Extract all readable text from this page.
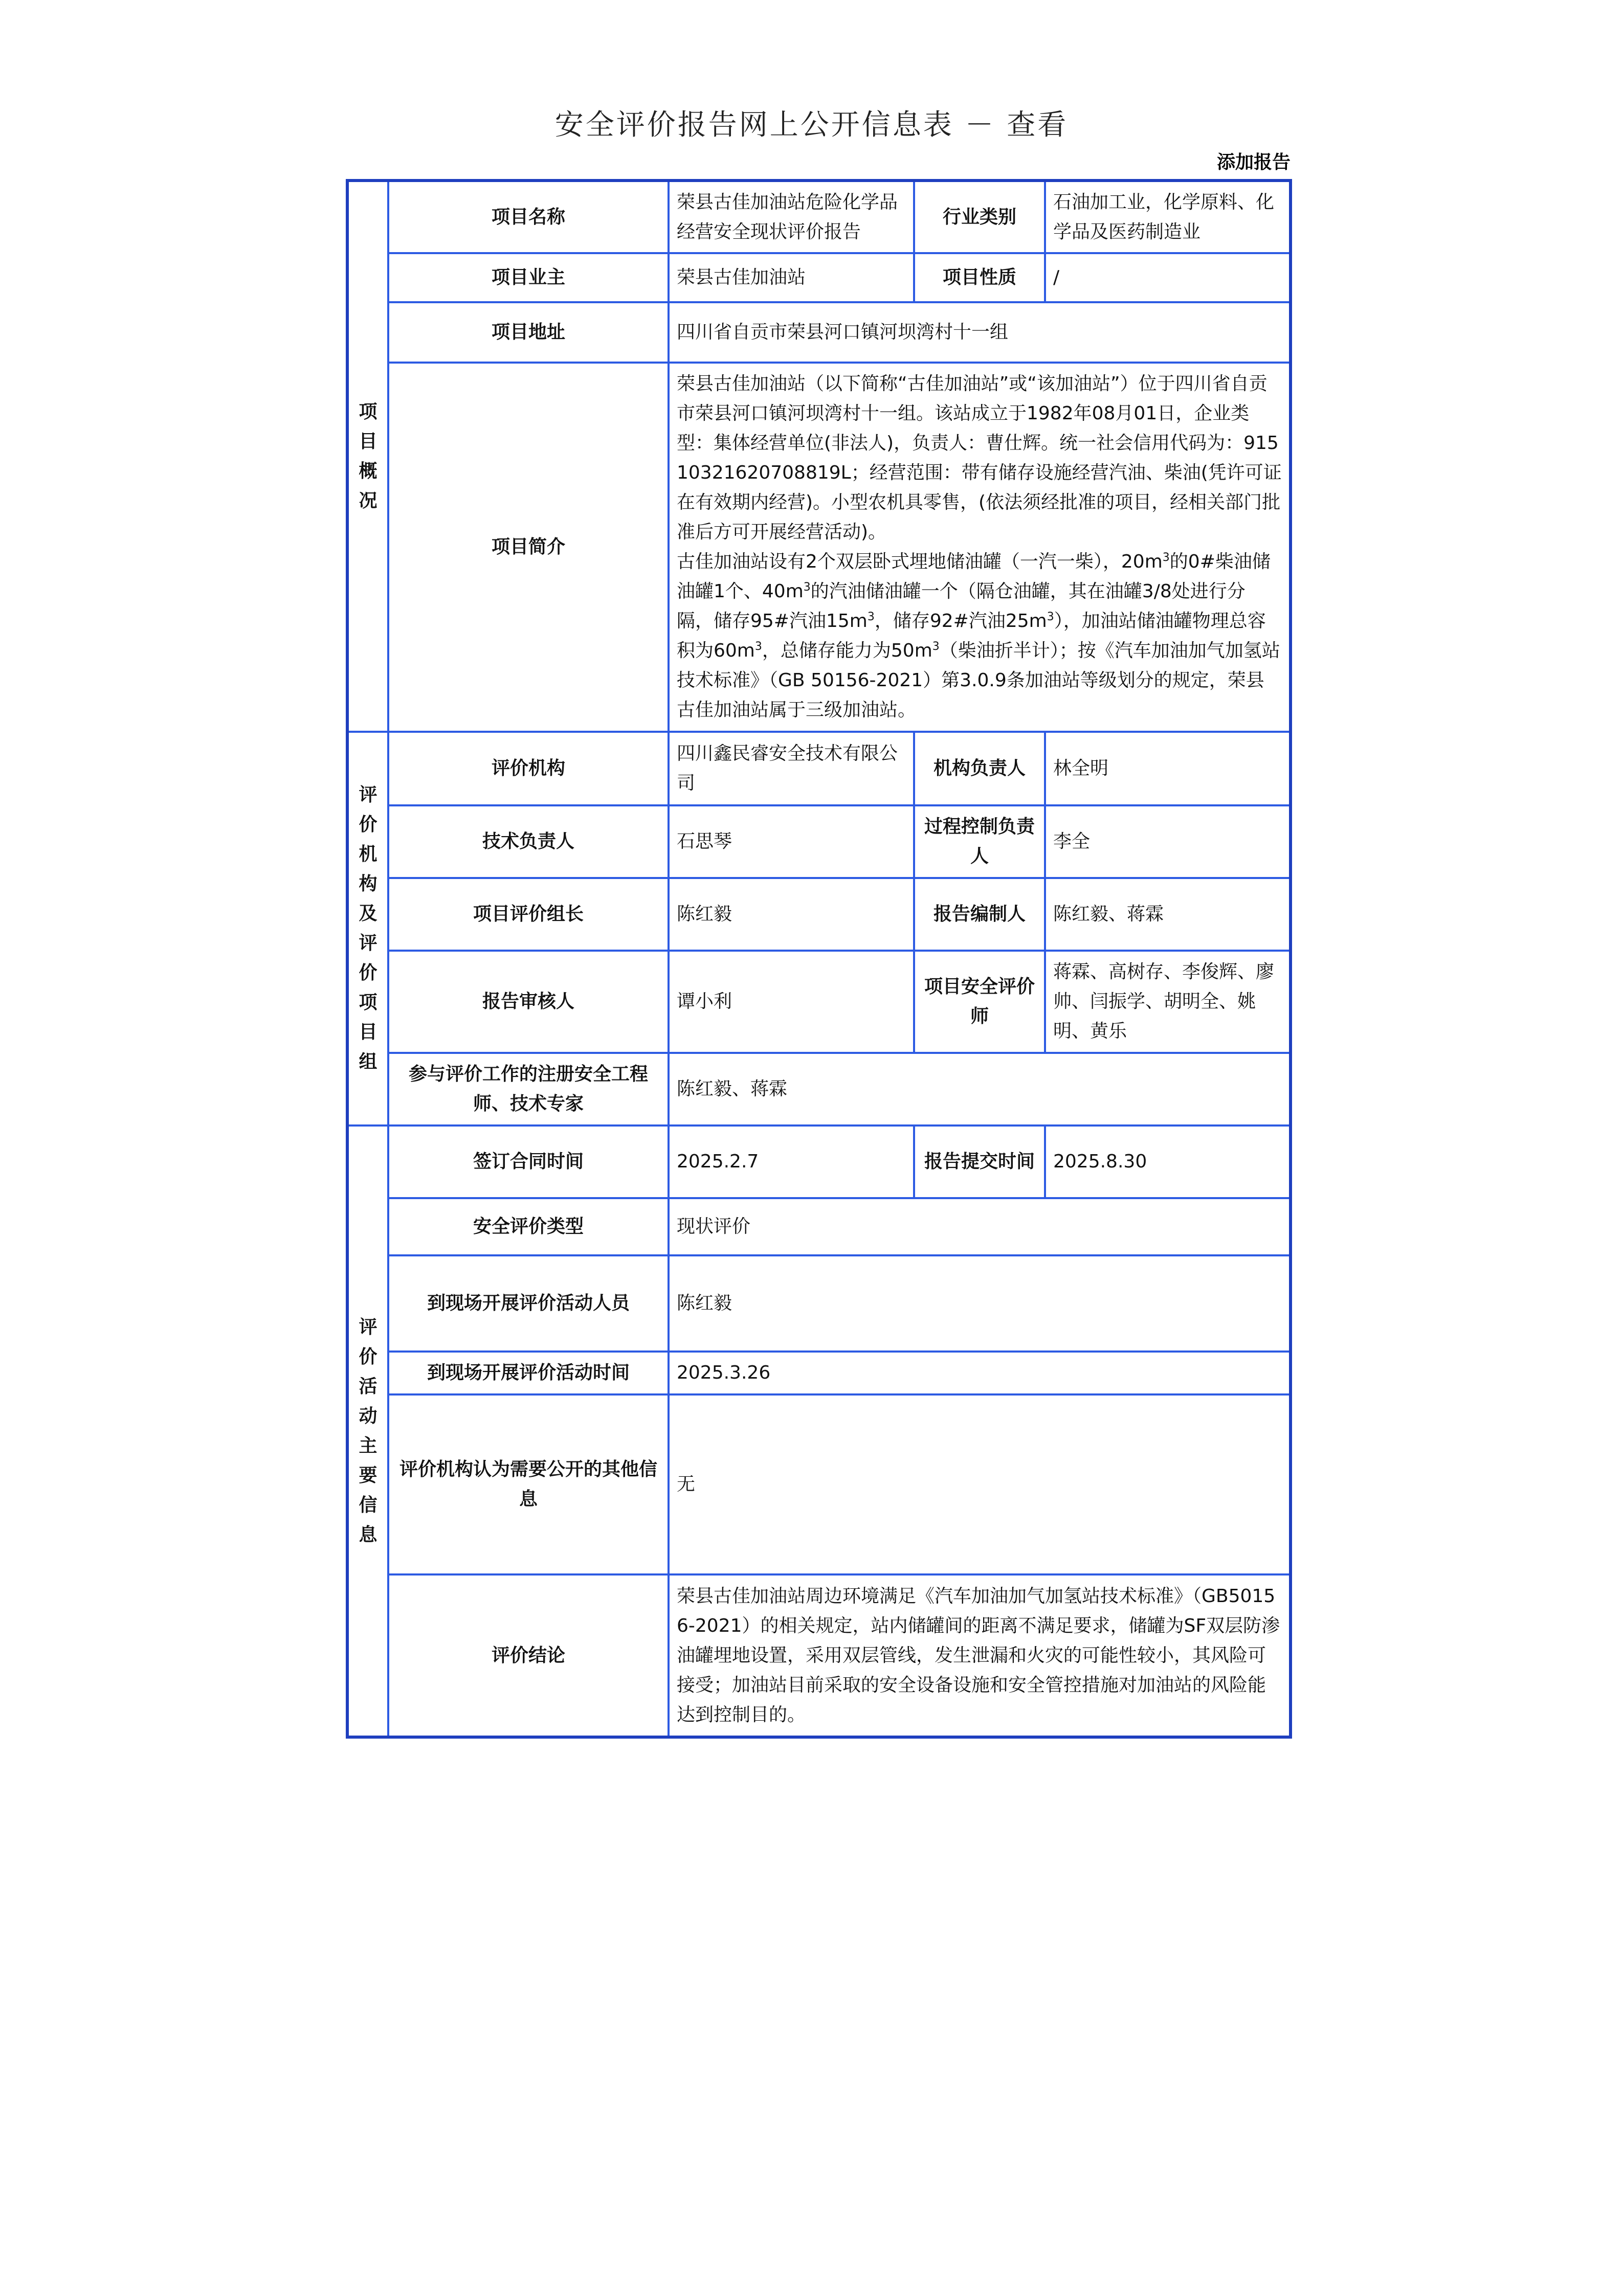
安全评价报告网上公开信息表 － 查看
添加报告
项目概况	项目名称	荣县古佳加油站危险化学品经营安全现状评价报告	行业类别	石油加工业，化学原料、化学品及医药制造业
	项目业主	荣县古佳加油站	项目性质	/
	项目地址	四川省自贡市荣县河口镇河坝湾村十一组		
	项目简介	荣县古佳加油站（以下简称“古佳加油站”或“该加油站”）位于四川省自贡市荣县河口镇河坝湾村十一组。该站成立于1982年08月01日，企业类型：集体经营单位(非法人)，负责人：曹仕辉。统一社会信用代码为：91510321620708819L；经营范围：带有储存设施经营汽油、柴油(凭许可证在有效期内经营)。小型农机具零售，(依法须经批准的项目，经相关部门批准后方可开展经营活动)。
古佳加油站设有2个双层卧式埋地储油罐（一汽一柴），$20m^3$的0#柴油储油罐1个、$40m^3$的汽油储油罐一个（隔仓油罐，其在油罐3/8处进行分隔，储存95#汽油$15m^3$，储存92#汽油$25m^3$），加油站储油罐物理总容积为$60m^3$，总储存能力为$50m^3$（柴油折半计）；按《汽车加油加气加氢站技术标准》（GB 50156-2021）第3.0.9条加油站等级划分的规定，荣县古佳加油站属于三级加油站。		

评价机构及评价项目组	评价机构	四川鑫民睿安全技术有限公司	机构负责人	林全明
	技术负责人	石思琴	过程控制负责人	李全
	项目评价组长	陈红毅	报告编制人	陈红毅、蒋霖
	报告审核人	谭小利	项目安全评价师	蒋霖、高树存、李俊辉、廖帅、闫振学、胡明全、姚明、黄乐
	参与评价工作的注册安全工程师、技术专家	陈红毅、蒋霖		

评价活动主要信息	签订合同时间	2025.2.7	报告提交时间	2025.8.30
	安全评价类型	现状评价		
	到现场开展评价活动人员	陈红毅		
	到现场开展评价活动时间	2025.3.26		
	评价机构认为需要公开的其他信息	无		
	评价结论	荣县古佳加油站周边环境满足《汽车加油加气加氢站技术标准》（GB50156-2021）的相关规定，站内储罐间的距离不满足要求，储罐为SF双层防渗油罐埋地设置，采用双层管线，发生泄漏和火灾的可能性较小，其风险可接受；加油站目前采取的安全设备设施和安全管控措施对加油站的风险能达到控制目的。		
